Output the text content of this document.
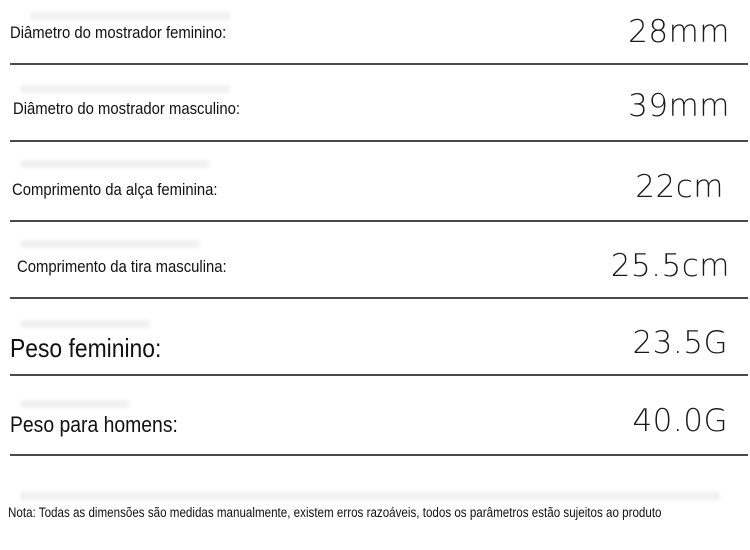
Diâmetro do mostrador feminino:	28mm
Diâmetro do mostrador masculino:	39mm
Comprimento da alça feminina:	22cm
Comprimento da tira masculina:	25.5cm
Peso feminino:	23.5G
Peso para homens:	40.0G
Nota: Todas as dimensões são medidas manualmente, existem erros razoáveis, todos os parâmetros estão sujeitos ao produto
